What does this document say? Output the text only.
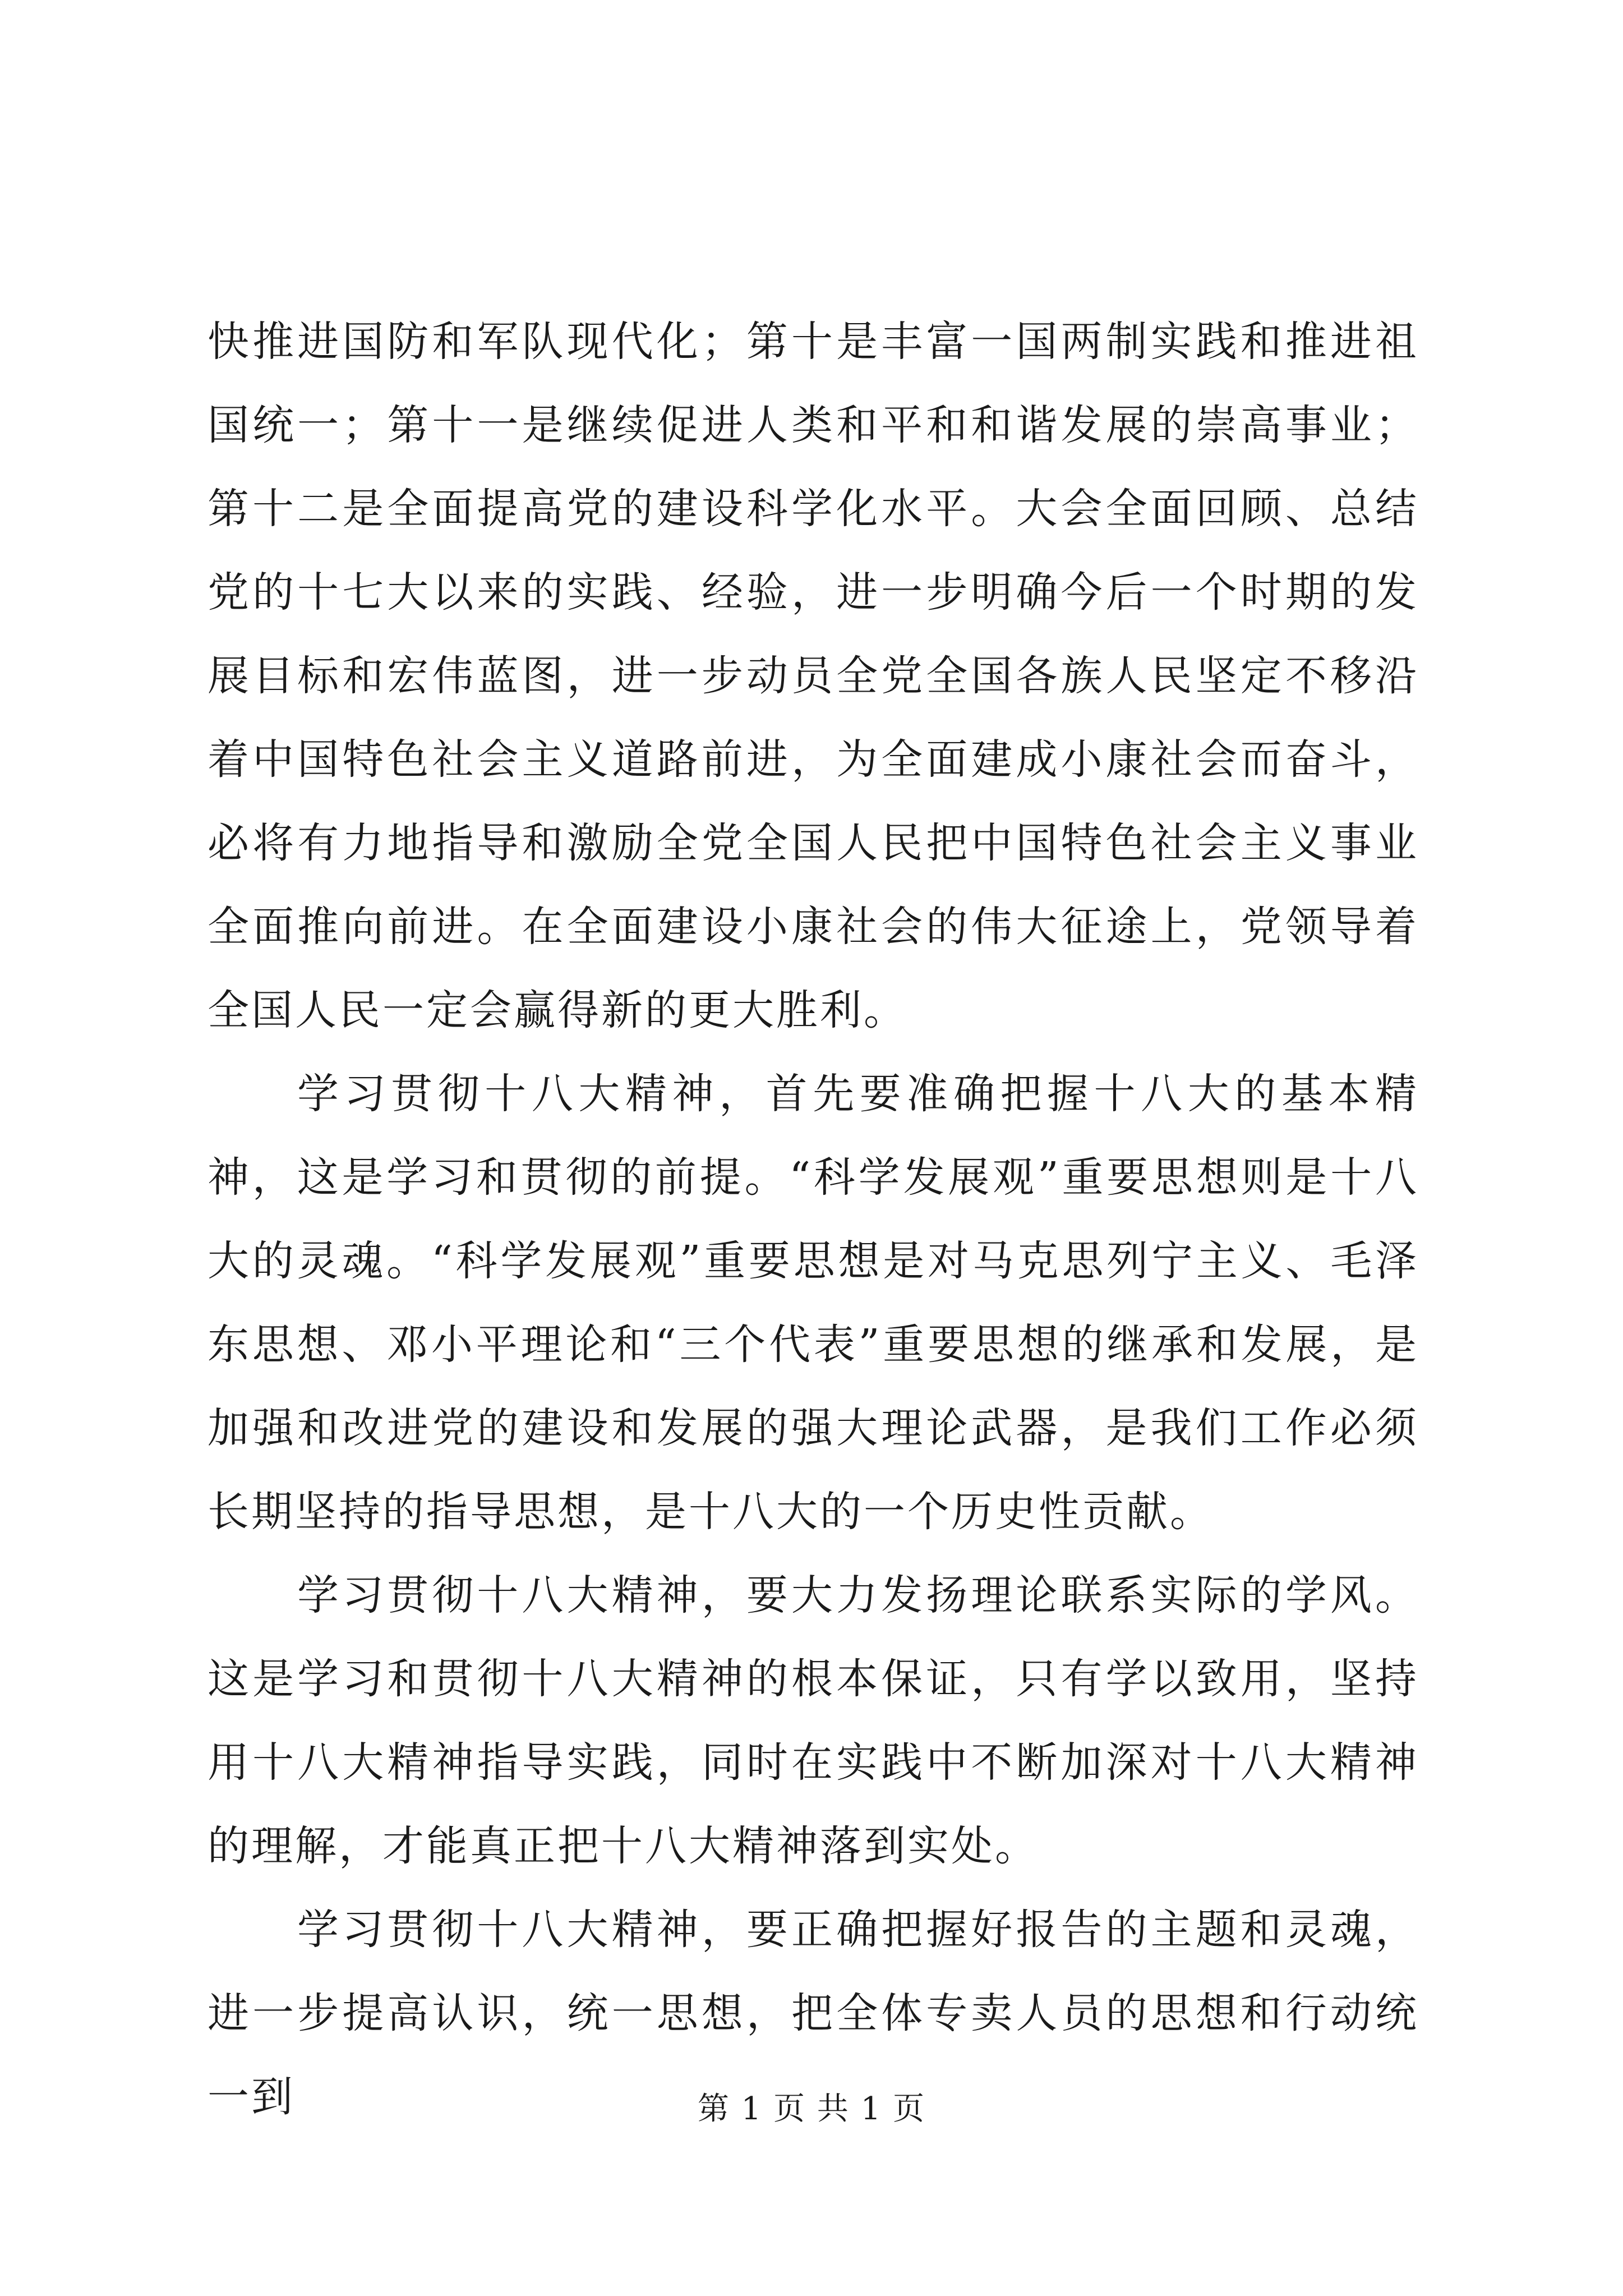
快推进国防和军队现代化；第十是丰富一国两制实践和推进祖国统一；第十一是继续促进人类和平和和谐发展的崇高事业；第十二是全面提高党的建设科学化水平。大会全面回顾、总结党的十七大以来的实践、经验，进一步明确今后一个时期的发展目标和宏伟蓝图，进一步动员全党全国各族人民坚定不移沿着中国特色社会主义道路前进，为全面建成小康社会而奋斗，必将有力地指导和激励全党全国人民把中国特色社会主义事业全面推向前进。在全面建设小康社会的伟大征途上，党领导着全国人民一定会赢得新的更大胜利。

学习贯彻十八大精神，首先要准确把握十八大的基本精神，这是学习和贯彻的前提。“科学发展观”重要思想则是十八大的灵魂。“科学发展观”重要思想是对马克思列宁主义、毛泽东思想、邓小平理论和“三个代表”重要思想的继承和发展，是加强和改进党的建设和发展的强大理论武器，是我们工作必须长期坚持的指导思想，是十八大的一个历史性贡献。

学习贯彻十八大精神，要大力发扬理论联系实际的学风。这是学习和贯彻十八大精神的根本保证，只有学以致用，坚持用十八大精神指导实践，同时在实践中不断加深对十八大精神的理解，才能真正把十八大精神落到实处。

学习贯彻十八大精神，要正确把握好报告的主题和灵魂，进一步提高认识，统一思想，把全体专卖人员的思想和行动统一到	第 1 页 共 1 页
